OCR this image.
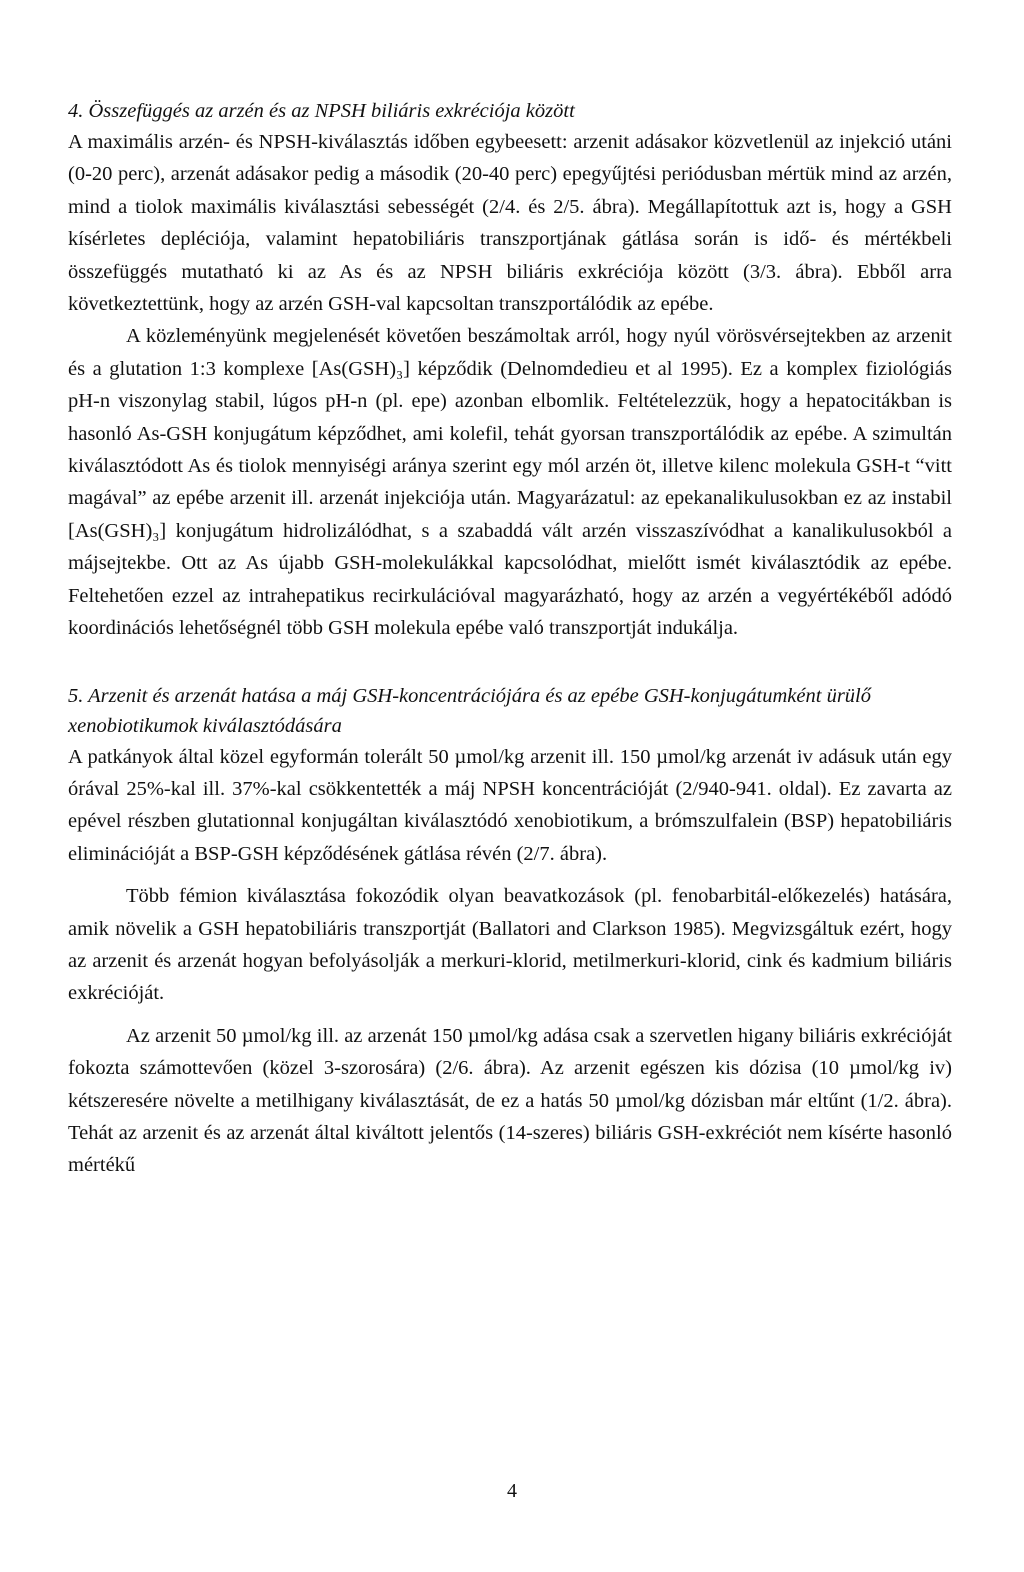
4. Összefüggés az arzén és az NPSH biliáris exkréciója között

A maximális arzén- és NPSH-kiválasztás időben egybeesett: arzenit adásakor közvetlenül az injekció utáni (0-20 perc), arzenát adásakor pedig a második (20-40 perc) epegyűjtési periódusban mértük mind az arzén, mind a tiolok maximális kiválasztási sebességét (2/4. és 2/5. ábra). Megállapítottuk azt is, hogy a GSH kísérletes depléciója, valamint hepatobiliáris transzportjának gátlása során is idő- és mértékbeli összefüggés mutatható ki az As és az NPSH biliáris exkréciója között (3/3. ábra). Ebből arra következtettünk, hogy az arzén GSH-val kapcsoltan transzportálódik az epébe.

A közleményünk megjelenését követően beszámoltak arról, hogy nyúl vörösvérsejtekben az arzenit és a glutation 1:3 komplexe [As(GSH)₃] képződik (Delnomdedieu et al 1995). Ez a komplex fiziológiás pH-n viszonylag stabil, lúgos pH-n (pl. epe) azonban elbomlik. Feltételezzük, hogy a hepatocitákban is hasonló As-GSH konjugátum képződhet, ami kolefil, tehát gyorsan transzportálódik az epébe. A szimultán kiválasztódott As és tiolok mennyiségi aránya szerint egy mól arzén öt, illetve kilenc molekula GSH-t “vitt magával” az epébe arzenit ill. arzenát injekciója után. Magyarázatul: az epekanalikulusokban ez az instabil [As(GSH)₃] konjugátum hidrolizálódhat, s a szabaddá vált arzén visszaszívódhat a kanalikulusokból a májsejtekbe. Ott az As újabb GSH-molekulákkal kapcsolódhat, mielőtt ismét kiválasztódik az epébe. Feltehetően ezzel az intrahepatikus recirkulációval magyarázható, hogy az arzén a vegyértékéből adódó koordinációs lehetőségnél több GSH molekula epébe való transzportját indukálja.

5. Arzenit és arzenát hatása a máj GSH-koncentrációjára és az epébe GSH-konjugátumként ürülő xenobiotikumok kiválasztódására

A patkányok által közel egyformán tolerált 50 µmol/kg arzenit ill. 150 µmol/kg arzenát iv adásuk után egy órával 25%-kal ill. 37%-kal csökkentették a máj NPSH koncentrációját (2/940-941. oldal). Ez zavarta az epével részben glutationnal konjugáltan kiválasztódó xenobiotikum, a brómszulfalein (BSP) hepatobiliáris eliminációját a BSP-GSH képződésének gátlása révén (2/7. ábra).

Több fémion kiválasztása fokozódik olyan beavatkozások (pl. fenobarbitál-előkezelés) hatására, amik növelik a GSH hepatobiliáris transzportját (Ballatori and Clarkson 1985). Megvizsgáltuk ezért, hogy az arzenit és arzenát hogyan befolyásolják a merkuri-klorid, metilmerkuri-klorid, cink és kadmium biliáris exkrécióját.

Az arzenit 50 µmol/kg ill. az arzenát 150 µmol/kg adása csak a szervetlen higany biliáris exkrécióját fokozta számottevően (közel 3-szorosára) (2/6. ábra). Az arzenit egészen kis dózisa (10 µmol/kg iv) kétszeresére növelte a metilhigany kiválasztását, de ez a hatás 50 µmol/kg dózisban már eltűnt (1/2. ábra). Tehát az arzenit és az arzenát által kiváltott jelentős (14-szeres) biliáris GSH-exkréciót nem kísérte hasonló mértékű

4
